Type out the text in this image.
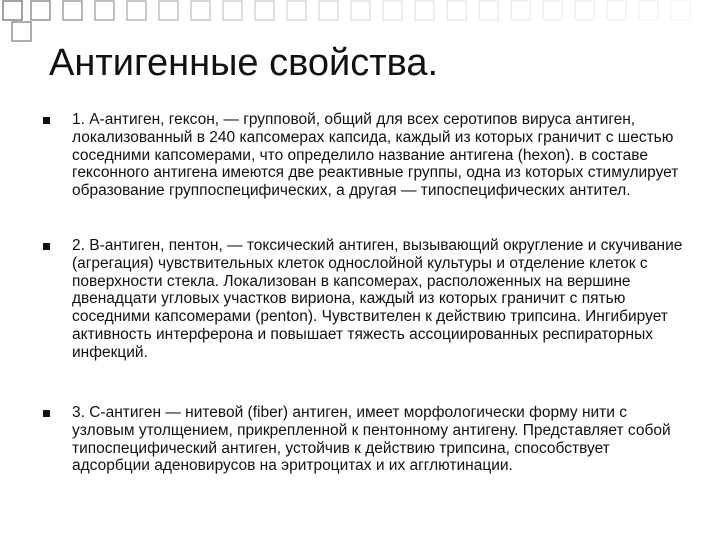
Антигенные свойства.
1. А-антиген, гексон, — групповой, общий для всех серотипов вируса антиген, локализованный в 240 капсомерах капсида, каждый из которых граничит с шестью соседними капсомерами, что определило название антигена (hexon). в составе гексонного антигена имеются две реактивные группы, одна из которых стимулирует образование группоспецифических, а другая — типоспецифических антител.
2. В-антиген, пентон, — токсический антиген, вызывающий округление и скучивание (агрегация) чувствительных клеток однослойной культуры и отделение клеток с поверхности стекла. Локализован в капсомерах, расположенных на вершине двенадцати угловых участков вириона, каждый из которых граничит с пятью соседними капсомерами (penton). Чувствителен к действию трипсина. Ингибирует активность интерферона и повышает тяжесть ассоциированных респираторных инфекций.
3. С-антиген — нитевой (fiber) антиген, имеет морфологически форму нити с узловым утолщением, прикрепленной к пентонному антигену. Представляет собой типоспецифический антиген, устойчив к действию трипсина, способствует адсорбции аденовирусов на эритроцитах и их агглютинации.
